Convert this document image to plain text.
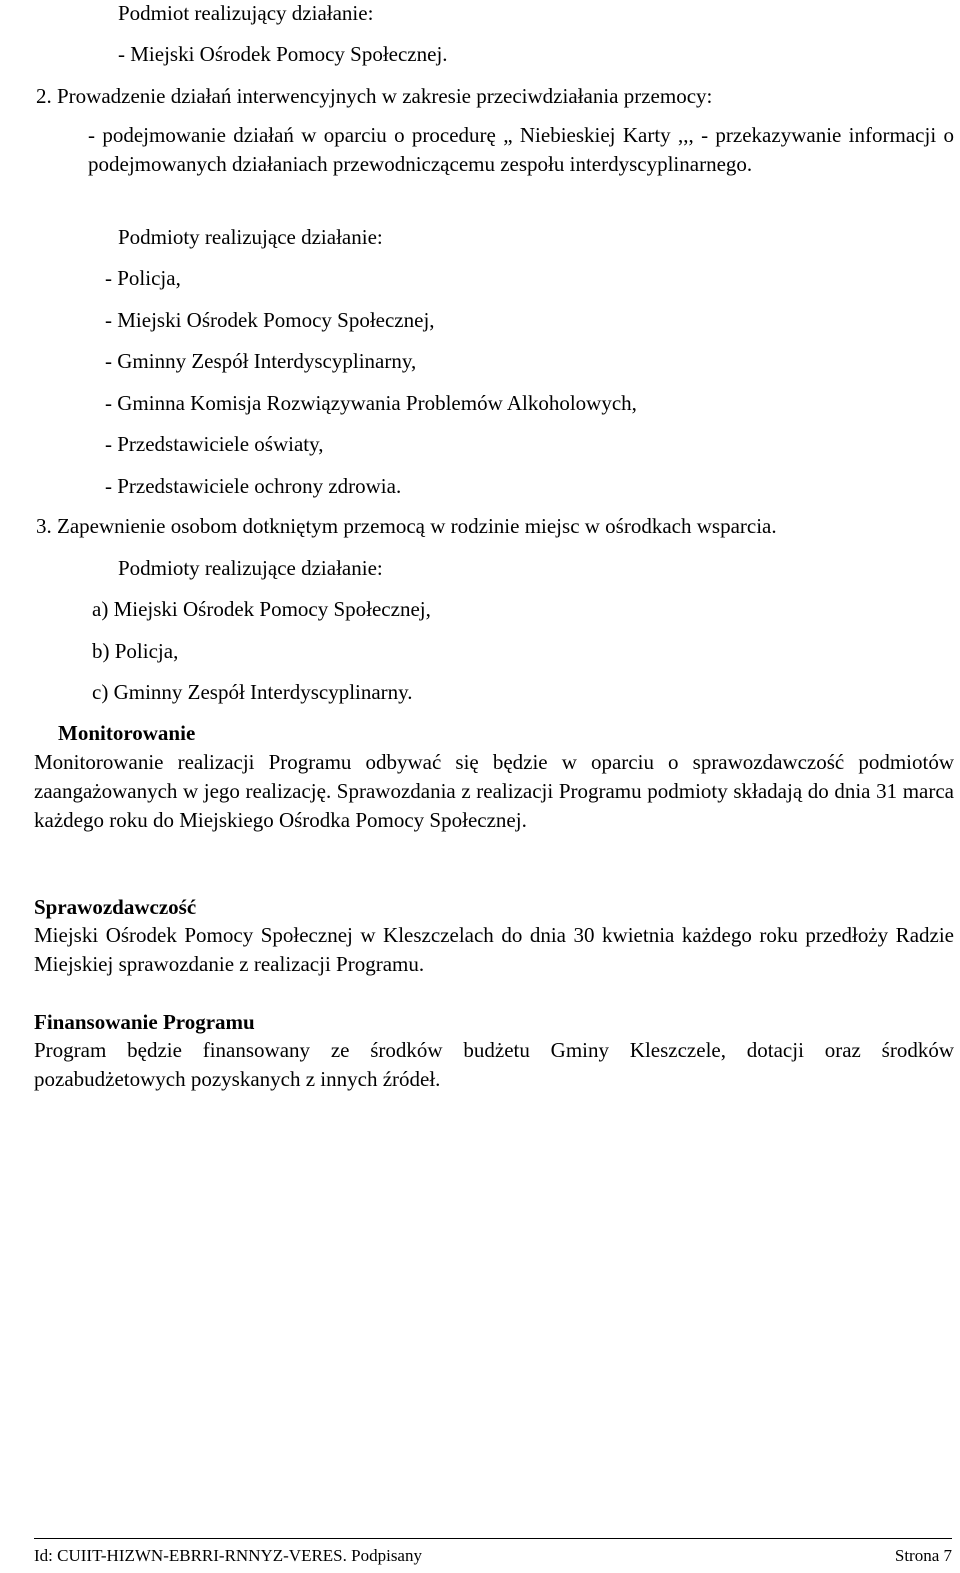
Podmiot realizujący działanie:
- Miejski Ośrodek Pomocy Społecznej.
2. Prowadzenie działań interwencyjnych w zakresie przeciwdziałania przemocy:
- podejmowanie działań w oparciu o procedurę „ Niebieskiej Karty ,,, - przekazywanie informacji o podejmowanych działaniach przewodniczącemu zespołu interdyscyplinarnego.
Podmioty realizujące działanie:
- Policja,
- Miejski Ośrodek Pomocy Społecznej,
- Gminny Zespół Interdyscyplinarny,
- Gminna Komisja Rozwiązywania Problemów Alkoholowych,
- Przedstawiciele oświaty,
- Przedstawiciele ochrony zdrowia.
3. Zapewnienie osobom dotkniętym przemocą w rodzinie miejsc w ośrodkach wsparcia.
Podmioty realizujące działanie:
a) Miejski Ośrodek Pomocy Społecznej,
b) Policja,
c) Gminny Zespół Interdyscyplinarny.
Monitorowanie
Monitorowanie realizacji Programu odbywać się będzie w oparciu o sprawozdawczość podmiotów zaangażowanych w jego realizację. Sprawozdania z realizacji Programu podmioty składają do dnia 31 marca każdego roku do Miejskiego Ośrodka Pomocy Społecznej.
Sprawozdawczość
Miejski Ośrodek Pomocy Społecznej w Kleszczelach do dnia 30 kwietnia każdego roku przedłoży Radzie Miejskiej sprawozdanie z realizacji Programu.
Finansowanie Programu
Program będzie finansowany ze środków budżetu Gminy Kleszczele, dotacji oraz środków pozabudżetowych pozyskanych z innych źródeł.
Id: CUIIT-HIZWN-EBRRI-RNNYZ-VERES. Podpisany	Strona 7
